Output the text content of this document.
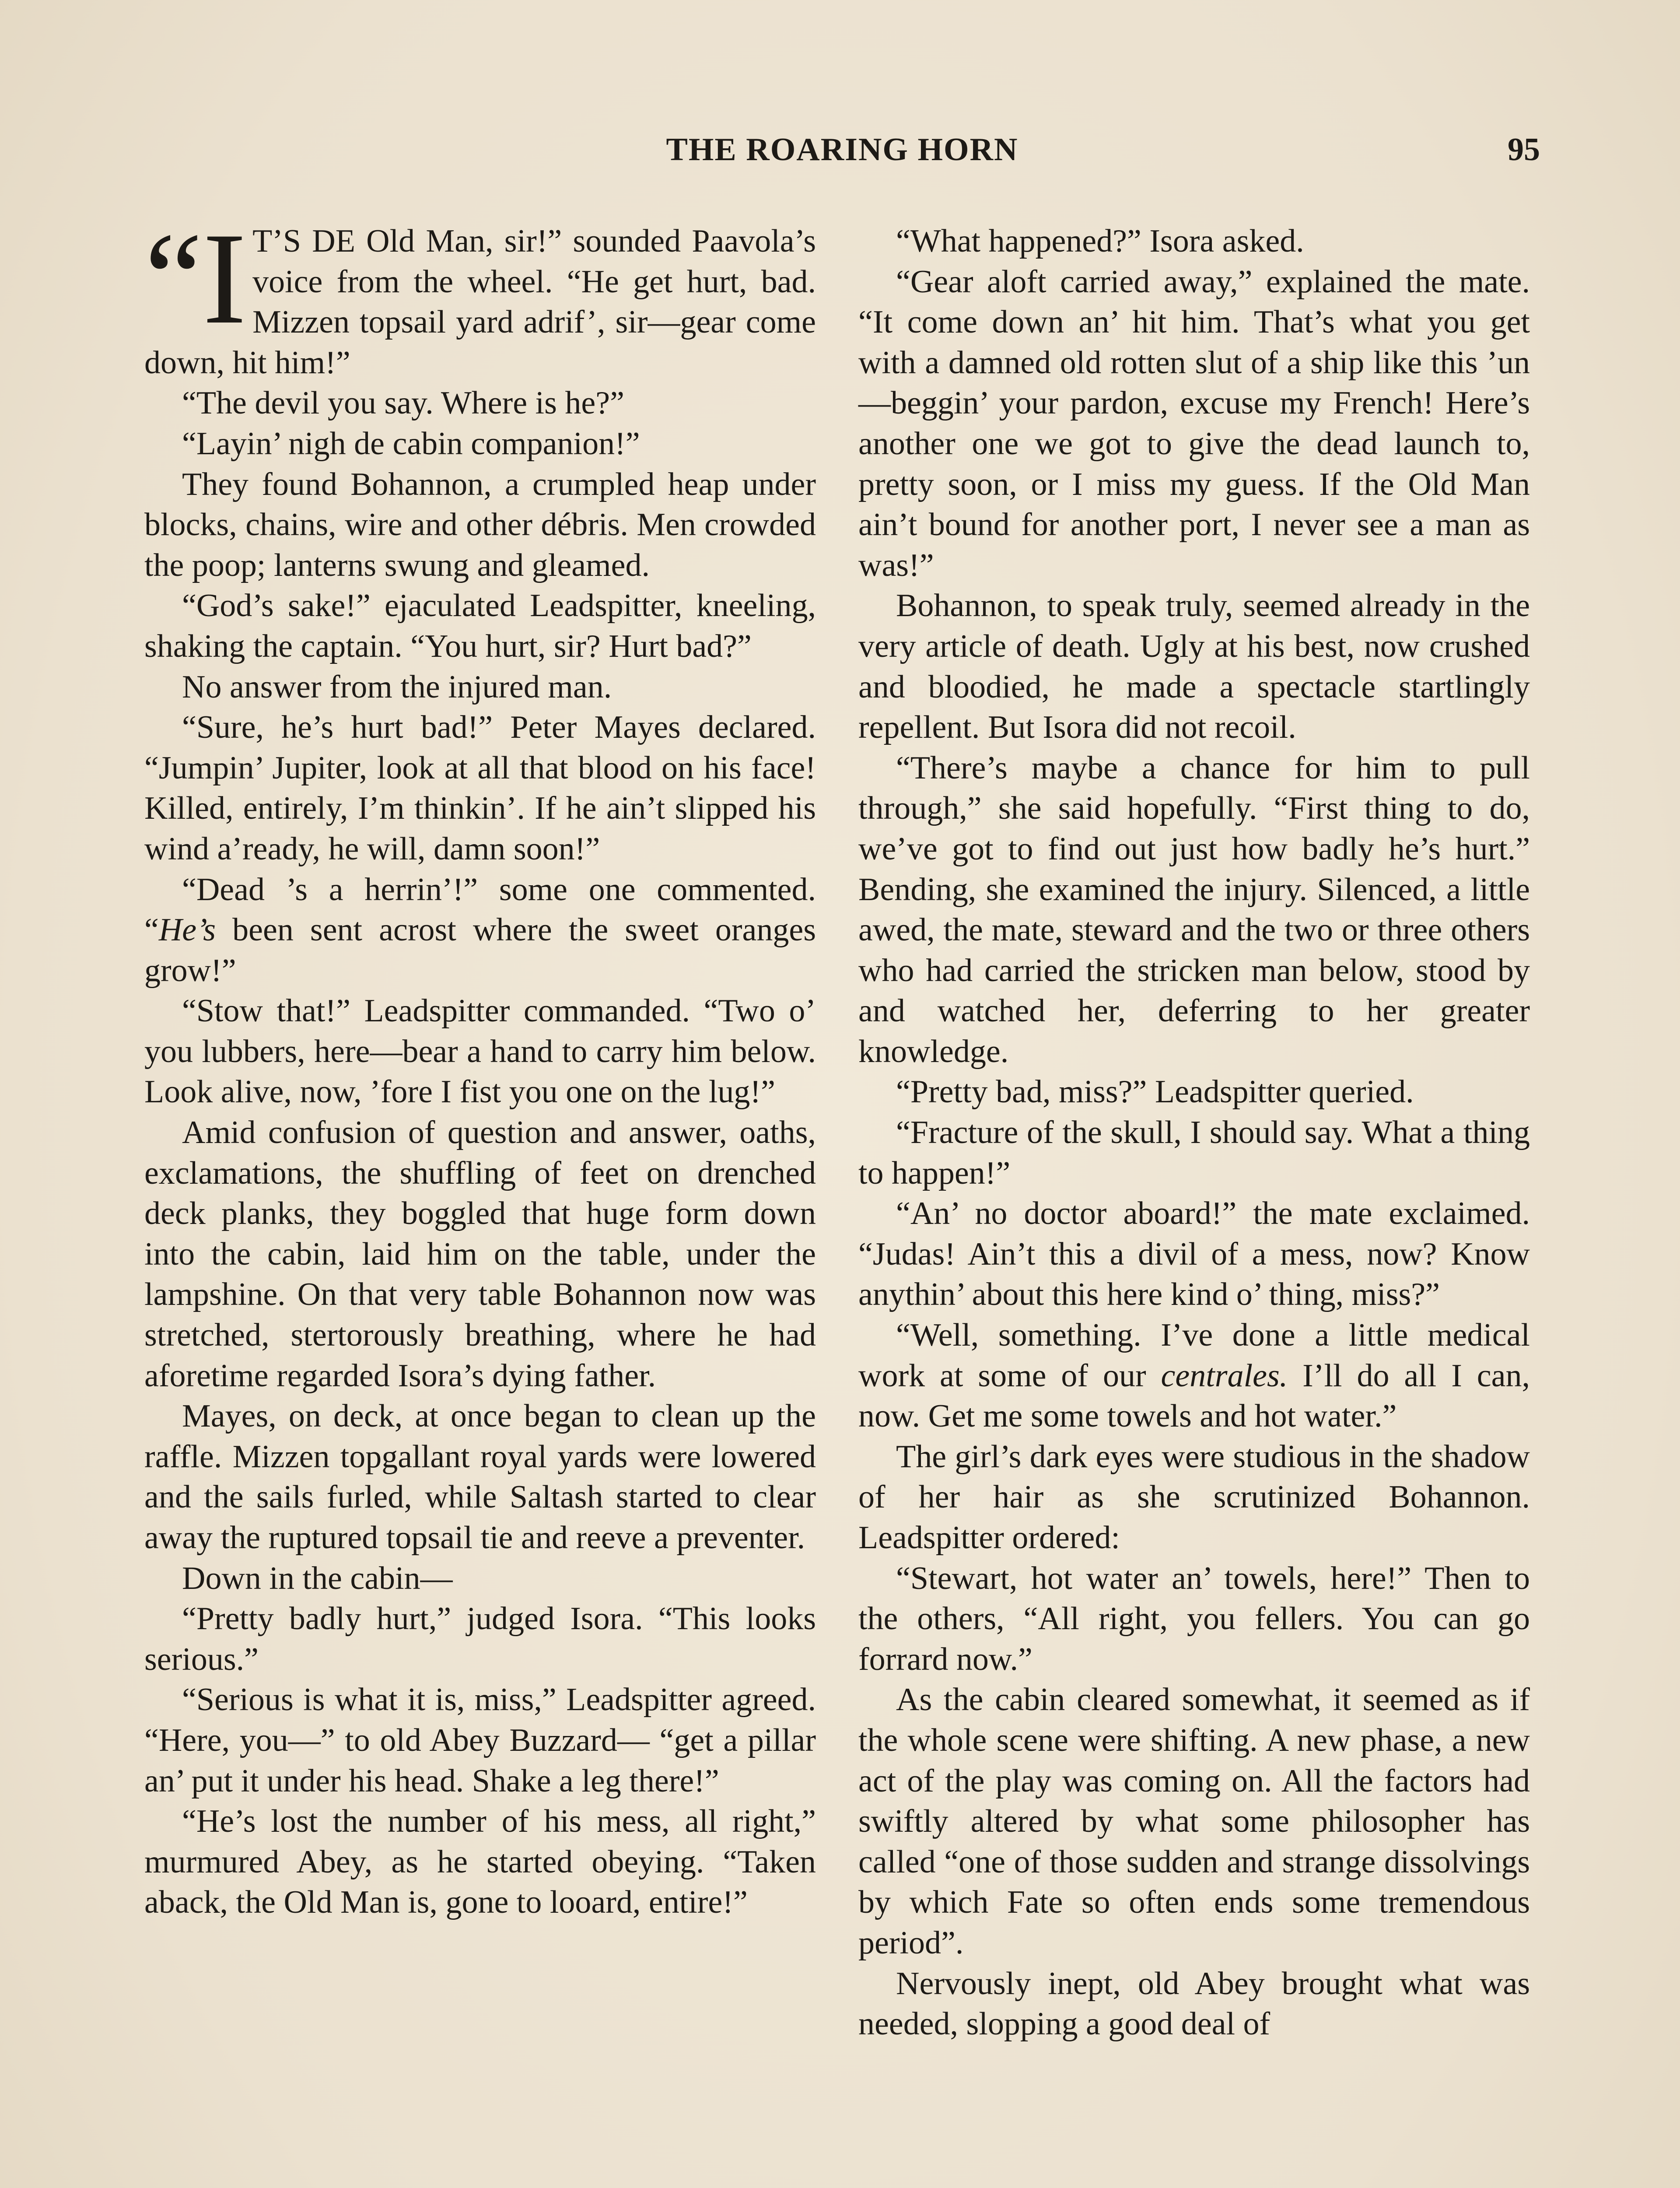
THE ROARING HORN	95

“I T’S DE Old Man, sir!” sounded Paavola’s voice from the wheel. “He get hurt, bad. Mizzen topsail yard adrif’, sir—gear come down, hit him!”

“The devil you say. Where is he?”

“Layin’ nigh de cabin companion!”

They found Bohannon, a crumpled heap under blocks, chains, wire and other débris. Men crowded the poop; lanterns swung and gleamed.

“God’s sake!” ejaculated Leadspitter, kneeling, shaking the captain. “You hurt, sir? Hurt bad?”

No answer from the injured man.

“Sure, he’s hurt bad!” Peter Mayes declared. “Jumpin’ Jupiter, look at all that blood on his face! Killed, entirely, I’m thinkin’. If he ain’t slipped his wind a’ready, he will, damn soon!”

“Dead ’s a herrin’!” some one commented. “He’s been sent acrost where the sweet oranges grow!”

“Stow that!” Leadspitter commanded. “Two o’ you lubbers, here—bear a hand to carry him below. Look alive, now, ’fore I fist you one on the lug!”

Amid confusion of question and answer, oaths, exclamations, the shuffling of feet on drenched deck planks, they boggled that huge form down into the cabin, laid him on the table, under the lampshine. On that very table Bohannon now was stretched, stertorously breathing, where he had aforetime regarded Isora’s dying father.

Mayes, on deck, at once began to clean up the raffle. Mizzen topgallant royal yards were lowered and the sails furled, while Saltash started to clear away the ruptured topsail tie and reeve a preventer.

Down in the cabin—

“Pretty badly hurt,” judged Isora. “This looks serious.”

“Serious is what it is, miss,” Leadspitter agreed. “Here, you—” to old Abey Buzzard— “get a pillar an’ put it under his head. Shake a leg there!”

“He’s lost the number of his mess, all right,” murmured Abey, as he started obeying. “Taken aback, the Old Man is, gone to looard, entire!”

“What happened?” Isora asked.

“Gear aloft carried away,” explained the mate. “It come down an’ hit him. That’s what you get with a damned old rotten slut of a ship like this ’un—beggin’ your pardon, excuse my French! Here’s another one we got to give the dead launch to, pretty soon, or I miss my guess. If the Old Man ain’t bound for another port, I never see a man as was!”

Bohannon, to speak truly, seemed already in the very article of death. Ugly at his best, now crushed and bloodied, he made a spectacle startlingly repellent. But Isora did not recoil.

“There’s maybe a chance for him to pull through,” she said hopefully. “First thing to do, we’ve got to find out just how badly he’s hurt.” Bending, she examined the injury. Silenced, a little awed, the mate, steward and the two or three others who had carried the stricken man below, stood by and watched her, deferring to her greater knowledge.

“Pretty bad, miss?” Leadspitter queried.

“Fracture of the skull, I should say. What a thing to happen!”

“An’ no doctor aboard!” the mate exclaimed. “Judas! Ain’t this a divil of a mess, now? Know anythin’ about this here kind o’ thing, miss?”

“Well, something. I’ve done a little medical work at some of our centrales. I’ll do all I can, now. Get me some towels and hot water.”

The girl’s dark eyes were studious in the shadow of her hair as she scrutinized Bohannon. Leadspitter ordered:

“Stewart, hot water an’ towels, here!” Then to the others, “All right, you fellers. You can go forrard now.”

As the cabin cleared somewhat, it seemed as if the whole scene were shifting. A new phase, a new act of the play was coming on. All the factors had swiftly altered by what some philosopher has called “one of those sudden and strange dissolvings by which Fate so often ends some tremendous period”.

Nervously inept, old Abey brought what was needed, slopping a good deal of
